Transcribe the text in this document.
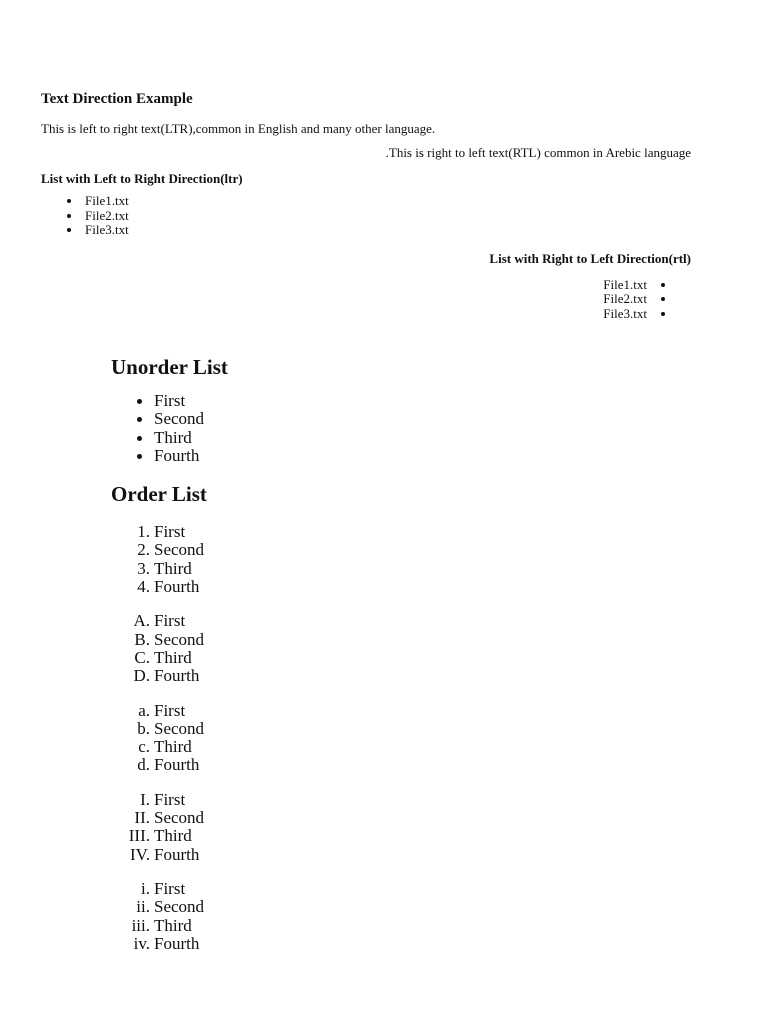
Text Direction Example

This is left to right text(LTR),common in English and many other language.

This is right to left text(RTL) common in Arebic language.

List with Left to Right Direction(ltr)
File1.txt
File2.txt
File3.txt
List with Right to Left Direction(rtl)
File1.txt
File2.txt
File3.txt
Unorder List
First
Second
Third
Fourth
Order List
1. First
2. Second
3. Third
4. Fourth
A. First
B. Second
C. Third
D. Fourth
a. First
b. Second
c. Third
d. Fourth
I. First
II. Second
III. Third
IV. Fourth
i. First
ii. Second
iii. Third
iv. Fourth
